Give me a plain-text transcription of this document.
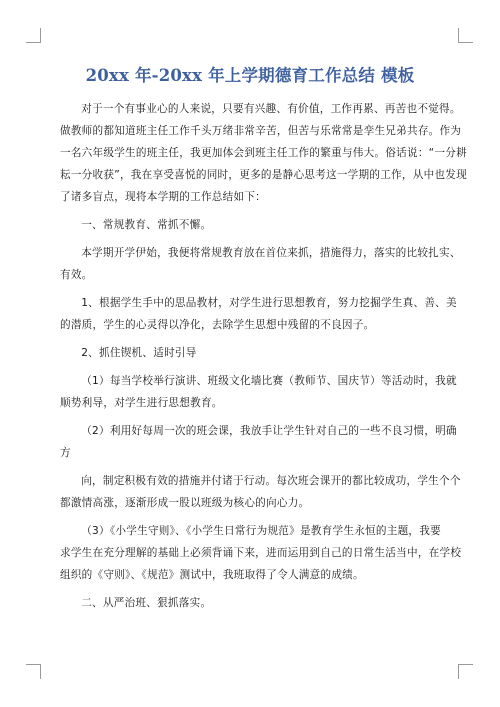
20xx 年-20xx 年上学期德育工作总结 模板
对于一个有事业心的人来说，只要有兴趣、有价值，工作再累、再苦也不觉得。
做教师的都知道班主任工作千头万绪非常辛苦，但苦与乐常常是孪生兄弟共存。作为
一名六年级学生的班主任，我更加体会到班主任工作的繁重与伟大。俗话说：“一分耕
耘一分收获”，我在享受喜悦的同时，更多的是静心思考这一学期的工作，从中也发现
了诸多盲点，现将本学期的工作总结如下：
一、常规教育、常抓不懈。
本学期开学伊始，我便将常规教育放在首位来抓，措施得力，落实的比较扎实、
有效。
1、根据学生手中的思品教材，对学生进行思想教育，努力挖掘学生真、善、美
的潜质，学生的心灵得以净化，去除学生思想中残留的不良因子。
2、抓住锲机、适时引导
（1）每当学校举行演讲、班级文化墙比赛（教师节、国庆节）等活动时，我就
顺势利导，对学生进行思想教育。
（2）利用好每周一次的班会课，我放手让学生针对自己的一些不良习惯，明确
方
向，制定积极有效的措施并付诸于行动。每次班会课开的都比较成功，学生个个
都激情高涨，逐渐形成一股以班级为核心的向心力。
（3）《小学生守则》、《小学生日常行为规范》是教育学生永恒的主题，我要
求学生在充分理解的基础上必须背诵下来，进而运用到自己的日常生活当中，在学校
组织的《守则》、《规范》测试中，我班取得了令人满意的成绩。
二、从严治班、狠抓落实。
